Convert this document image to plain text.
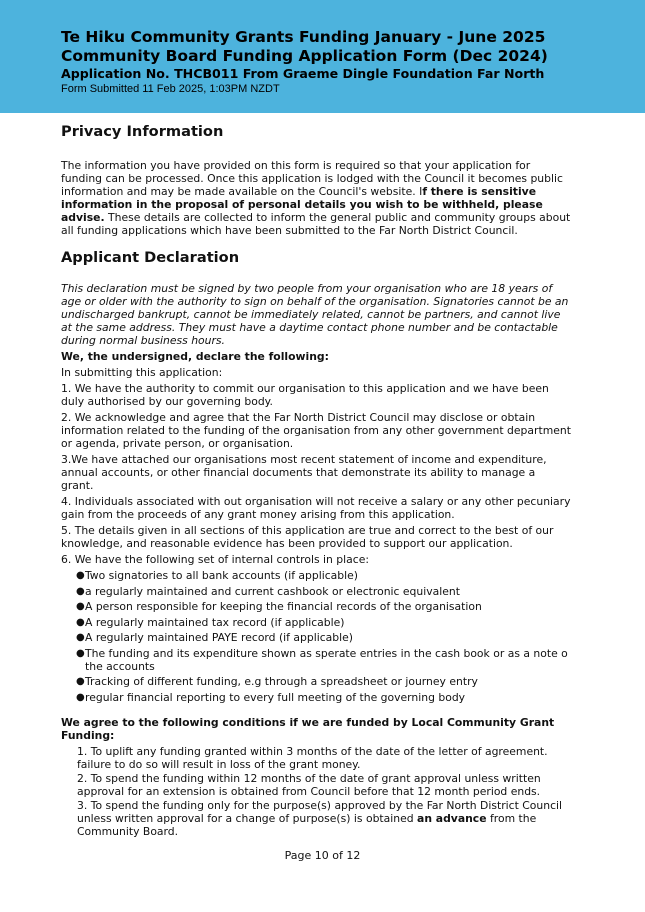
Te Hiku Community Grants Funding January - June 2025
Community Board Funding Application Form (Dec 2024)
Application No. THCB011 From Graeme Dingle Foundation Far North
Form Submitted 11 Feb 2025, 1:03PM NZDT
Privacy Information

The information you have provided on this form is required so that your application for funding can be processed. Once this application is lodged with the Council it becomes public information and may be made available on the Council's website. If there is sensitive information in the proposal of personal details you wish to be withheld, please advise. These details are collected to inform the general public and community groups about all funding applications which have been submitted to the Far North District Council.

Applicant Declaration

This declaration must be signed by two people from your organisation who are 18 years of age or older with the authority to sign on behalf of the organisation. Signatories cannot be an undischarged bankrupt, cannot be immediately related, cannot be partners, and cannot live at the same address. They must have a daytime contact phone number and be contactable during normal business hours.

We, the undersigned, declare the following:

In submitting this application:

1. We have the authority to commit our organisation to this application and we have been duly authorised by our governing body.

2. We acknowledge and agree that the Far North District Council may disclose or obtain information related to the funding of the organisation from any other government department or agenda, private person, or organisation.

3.We have attached our organisations most recent statement of income and expenditure, annual accounts, or other financial documents that demonstrate its ability to manage a grant.

4. Individuals associated with out organisation will not receive a salary or any other pecuniary gain from the proceeds of any grant money arising from this application.

5. The details given in all sections of this application are true and correct to the best of our knowledge, and reasonable evidence has been provided to support our application.

6. We have the following set of internal controls in place:

● Two signatories to all bank accounts (if applicable)
● a regularly maintained and current cashbook or electronic equivalent
● A person responsible for keeping the financial records of the organisation
● A regularly maintained tax record (if applicable)
● A regularly maintained PAYE record (if applicable)
● The funding and its expenditure shown as sperate entries in the cash book or as a note o the accounts
● Tracking of different funding, e.g through a spreadsheet or journey entry
● regular financial reporting to every full meeting of the governing body

We agree to the following conditions if we are funded by Local Community Grant Funding:

1. To uplift any funding granted within 3 months of the date of the letter of agreement. failure to do so will result in loss of the grant money.
2. To spend the funding within 12 months of the date of grant approval unless written approval for an extension is obtained from Council before that 12 month period ends.
3. To spend the funding only for the purpose(s) approved by the Far North District Council unless written approval for a change of purpose(s) is obtained an advance from the Community Board.
Page 10 of 12
